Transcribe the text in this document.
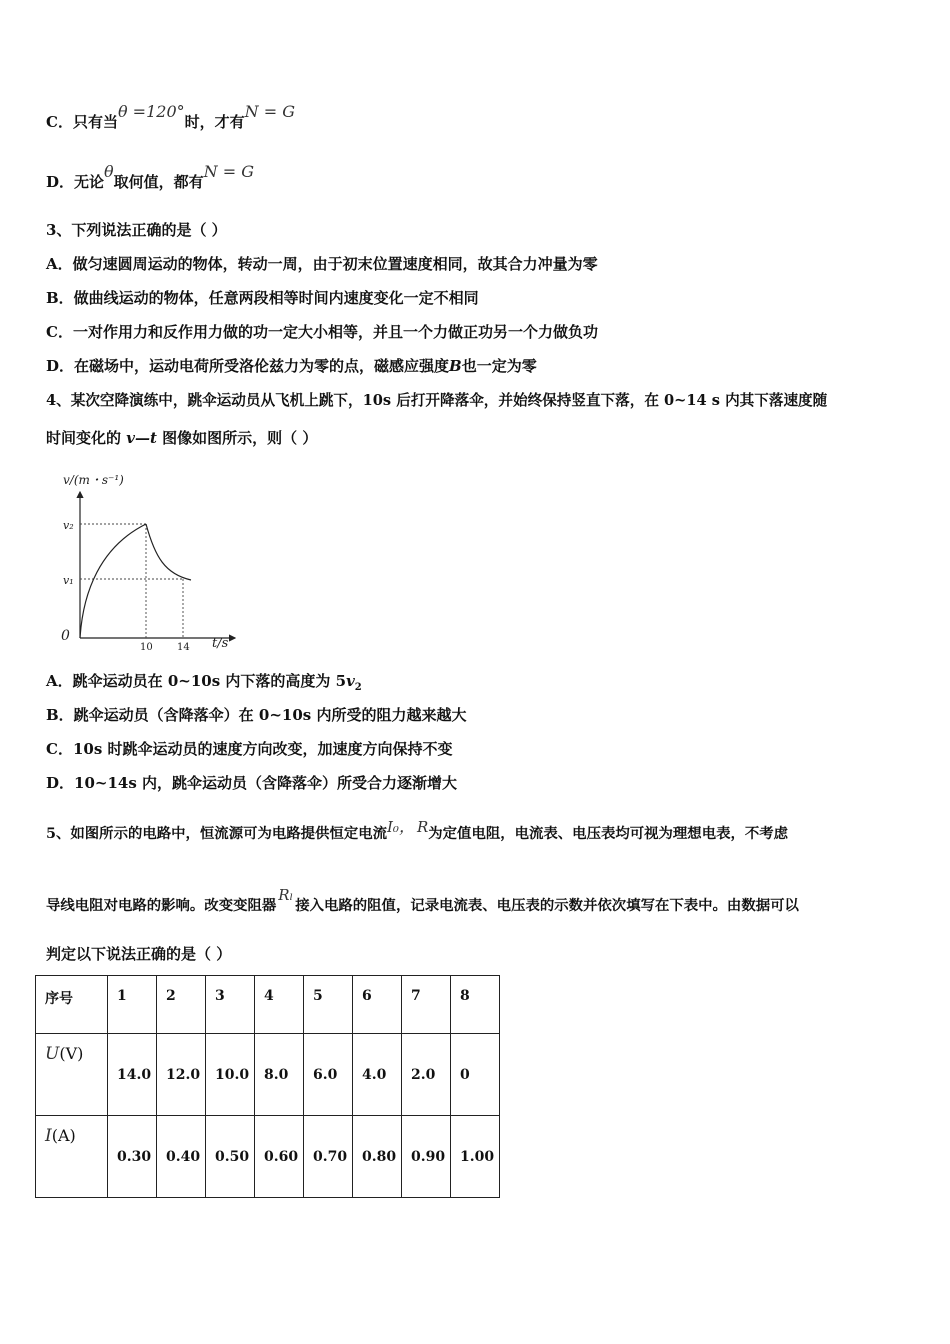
C．只有当θ =120°时，才有N = G
D．无论θ取何值，都有N = G
3、下列说法正确的是（ ）
A．做匀速圆周运动的物体，转动一周，由于初末位置速度相同，故其合力冲量为零
B．做曲线运动的物体，任意两段相等时间内速度变化一定不相同
C．一对作用力和反作用力做的功一定大小相等，并且一个力做正功另一个力做负功
D．在磁场中，运动电荷所受洛伦兹力为零的点，磁感应强度B也一定为零
4、某次空降演练中，跳伞运动员从飞机上跳下，10s 后打开降落伞，并始终保持竖直下落，在 0~14 s 内其下落速度随
时间变化的 v—t 图像如图所示，则（ ）
v/(m・s⁻¹)
0
v₂
v₁
10 14 t/s
A．跳伞运动员在 0~10s 内下落的高度为 $5v_2$
B．跳伞运动员（含降落伞）在 0~10s 内所受的阻力越来越大
C．10s 时跳伞运动员的速度方向改变，加速度方向保持不变
D．10~14s 内，跳伞运动员（含降落伞）所受合力逐渐增大
5、如图所示的电路中，恒流源可为电路提供恒定电流I₀， R为定值电阻，电流表、电压表均可视为理想电表，不考虑
导线电阻对电路的影响。改变变阻器Rₗ接入电路的阻值，记录电流表、电压表的示数并依次填写在下表中。由数据可以
判定以下说法正确的是（ ）
序号	1	2	3	4	5	6	7	8
U(V)	14.0	12.0	10.0	8.0	6.0	4.0	2.0	0
I(A)	0.30	0.40	0.50	0.60	0.70	0.80	0.90	1.00
